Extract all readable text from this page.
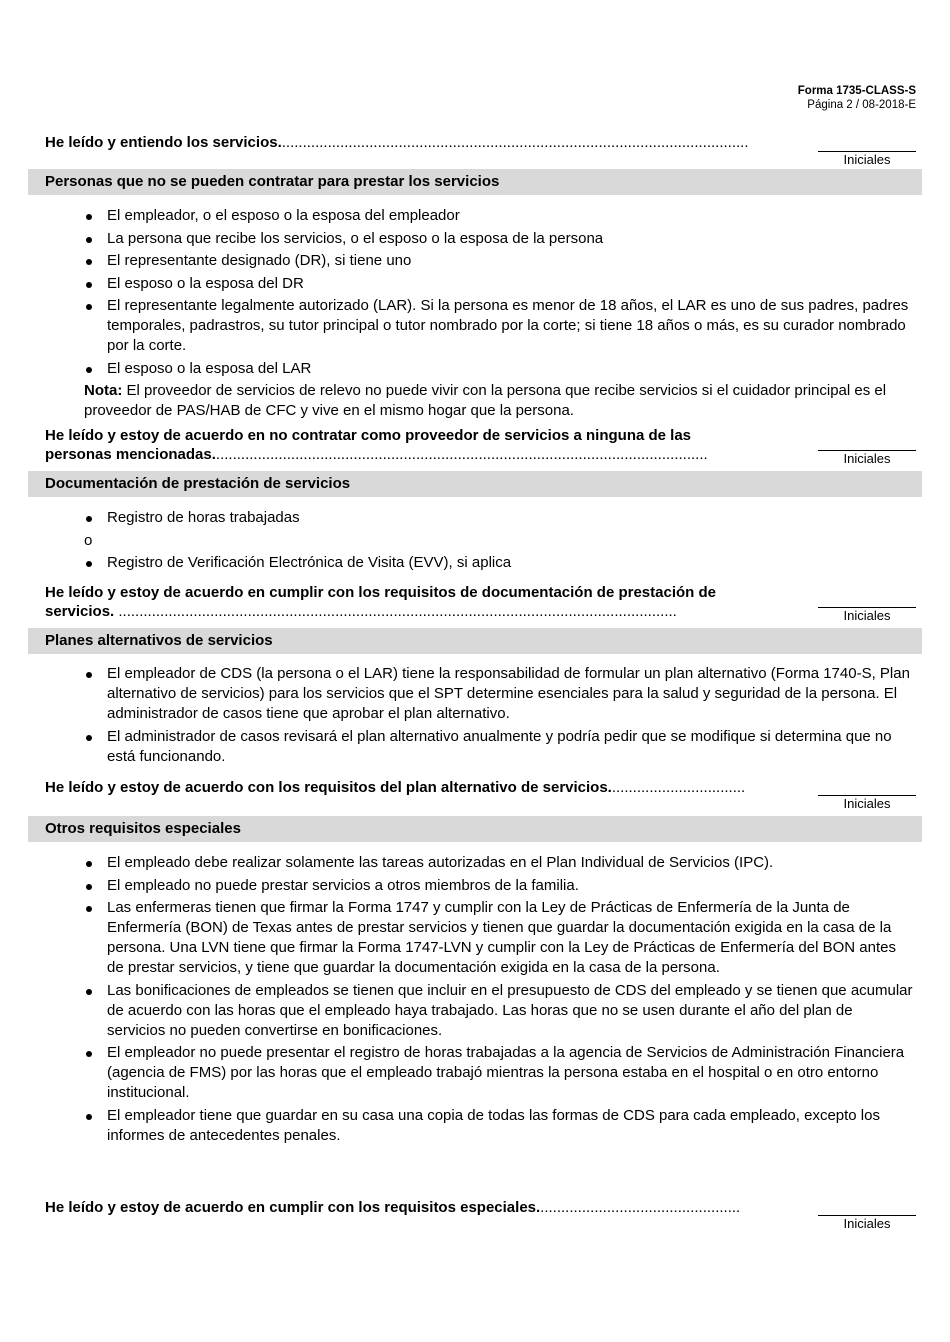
Forma 1735-CLASS-S
Página 2 / 08-2018-E
He leído y entiendo los servicios.................................................................................................................
Iniciales
Personas que no se pueden contratar para prestar los servicios
El empleador, o el esposo o la esposa del empleador
La persona que recibe los servicios, o el esposo o la esposa de la persona
El representante designado (DR), si tiene uno
El esposo o la esposa del DR
El representante legalmente autorizado (LAR). Si la persona es menor de 18 años, el LAR es uno de sus padres, padres temporales, padrastros, su tutor principal o tutor nombrado por la corte; si tiene 18 años o más, es su curador nombrado por la corte.
El esposo o la esposa del LAR
Nota: El proveedor de servicios de relevo no puede vivir con la persona que recibe servicios si el cuidador principal es el proveedor de PAS/HAB de CFC y vive en el mismo hogar que la persona.
He leído y estoy de acuerdo en no contratar como proveedor de servicios a ninguna de las
personas mencionadas.......................................................................................................................	Iniciales
Documentación de prestación de servicios
Registro de horas trabajadas
o
Registro de Verificación Electrónica de Visita (EVV), si aplica
He leído y estoy de acuerdo en cumplir con los requisitos de documentación de prestación de
servicios. ......................................................................................................................................	Iniciales
Planes alternativos de servicios
El empleador de CDS (la persona o el LAR) tiene la responsabilidad de formular un plan alternativo (Forma 1740-S, Plan alternativo de servicios) para los servicios que el SPT determine esenciales para la salud y seguridad de la persona. El administrador de casos tiene que aprobar el plan alternativo.
El administrador de casos revisará el plan alternativo anualmente y podría pedir que se modifique si determina que no está funcionando.
He leído y estoy de acuerdo con los requisitos del plan alternativo de servicios.................................
Iniciales
Otros requisitos especiales
El empleado debe realizar solamente las tareas autorizadas en el Plan Individual de Servicios (IPC).
El empleado no puede prestar servicios a otros miembros de la familia.
Las enfermeras tienen que firmar la Forma 1747 y cumplir con la Ley de Prácticas de Enfermería de la Junta de Enfermería (BON) de Texas antes de prestar servicios y tienen que guardar la documentación exigida en la casa de la persona. Una LVN tiene que firmar la Forma 1747-LVN y cumplir con la Ley de Prácticas de Enfermería del BON antes de prestar servicios, y tiene que guardar la documentación exigida en la casa de la persona.
Las bonificaciones de empleados se tienen que incluir en el presupuesto de CDS del empleado y se tienen que acumular de acuerdo con las horas que el empleado haya trabajado. Las horas que no se usen durante el año del plan de servicios no pueden convertirse en bonificaciones.
El empleador no puede presentar el registro de horas trabajadas a la agencia de Servicios de Administración Financiera (agencia de FMS) por las horas que el empleado trabajó mientras la persona estaba en el hospital o en otro entorno institucional.
El empleador tiene que guardar en su casa una copia de todas las formas de CDS para cada empleado, excepto los informes de antecedentes penales.
He leído y estoy de acuerdo en cumplir con los requisitos especiales.................................................
Iniciales
